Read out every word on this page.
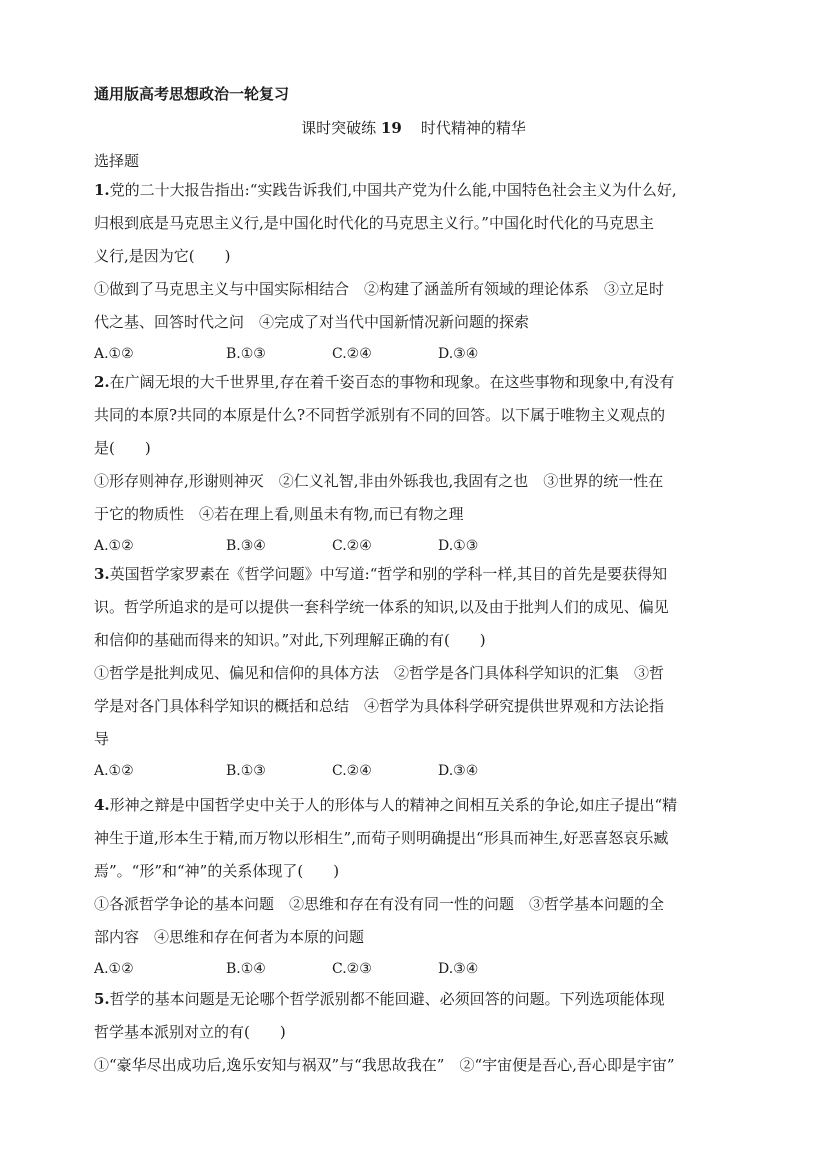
通用版高考思想政治一轮复习
课时突破练 19 时代精神的精华
选择题
1.党的二十大报告指出:“实践告诉我们,中国共产党为什么能,中国特色社会主义为什么好,
归根到底是马克思主义行,是中国化时代化的马克思主义行。”中国化时代化的马克思主
义行,是因为它(　　)
①做到了马克思主义与中国实际相结合　②构建了涵盖所有领域的理论体系　③立足时
代之基、回答时代之问　④完成了对当代中国新情况新问题的探索
A.①②	B.①③	C.②④	D.③④
2.在广阔无垠的大千世界里,存在着千姿百态的事物和现象。在这些事物和现象中,有没有
共同的本原?共同的本原是什么?不同哲学派别有不同的回答。以下属于唯物主义观点的
是(　　)
①形存则神存,形谢则神灭　②仁义礼智,非由外铄我也,我固有之也　③世界的统一性在
于它的物质性　④若在理上看,则虽未有物,而已有物之理
A.①②	B.③④	C.②④	D.①③
3.英国哲学家罗素在《哲学问题》中写道:“哲学和别的学科一样,其目的首先是要获得知
识。哲学所追求的是可以提供一套科学统一体系的知识,以及由于批判人们的成见、偏见
和信仰的基础而得来的知识。”对此,下列理解正确的有(　　)
①哲学是批判成见、偏见和信仰的具体方法　②哲学是各门具体科学知识的汇集　③哲
学是对各门具体科学知识的概括和总结　④哲学为具体科学研究提供世界观和方法论指
导
A.①②	B.①③	C.②④	D.③④
4.形神之辩是中国哲学史中关于人的形体与人的精神之间相互关系的争论,如庄子提出“精
神生于道,形本生于精,而万物以形相生”,而荀子则明确提出“形具而神生,好恶喜怒哀乐臧
焉”。“形”和“神”的关系体现了(　　)
①各派哲学争论的基本问题　②思维和存在有没有同一性的问题　③哲学基本问题的全
部内容　④思维和存在何者为本原的问题
A.①②	B.①④	C.②③	D.③④
5.哲学的基本问题是无论哪个哲学派别都不能回避、必须回答的问题。下列选项能体现
哲学基本派别对立的有(　　)
①“豪华尽出成功后,逸乐安知与祸双”与“我思故我在”　②“宇宙便是吾心,吾心即是宇宙”
